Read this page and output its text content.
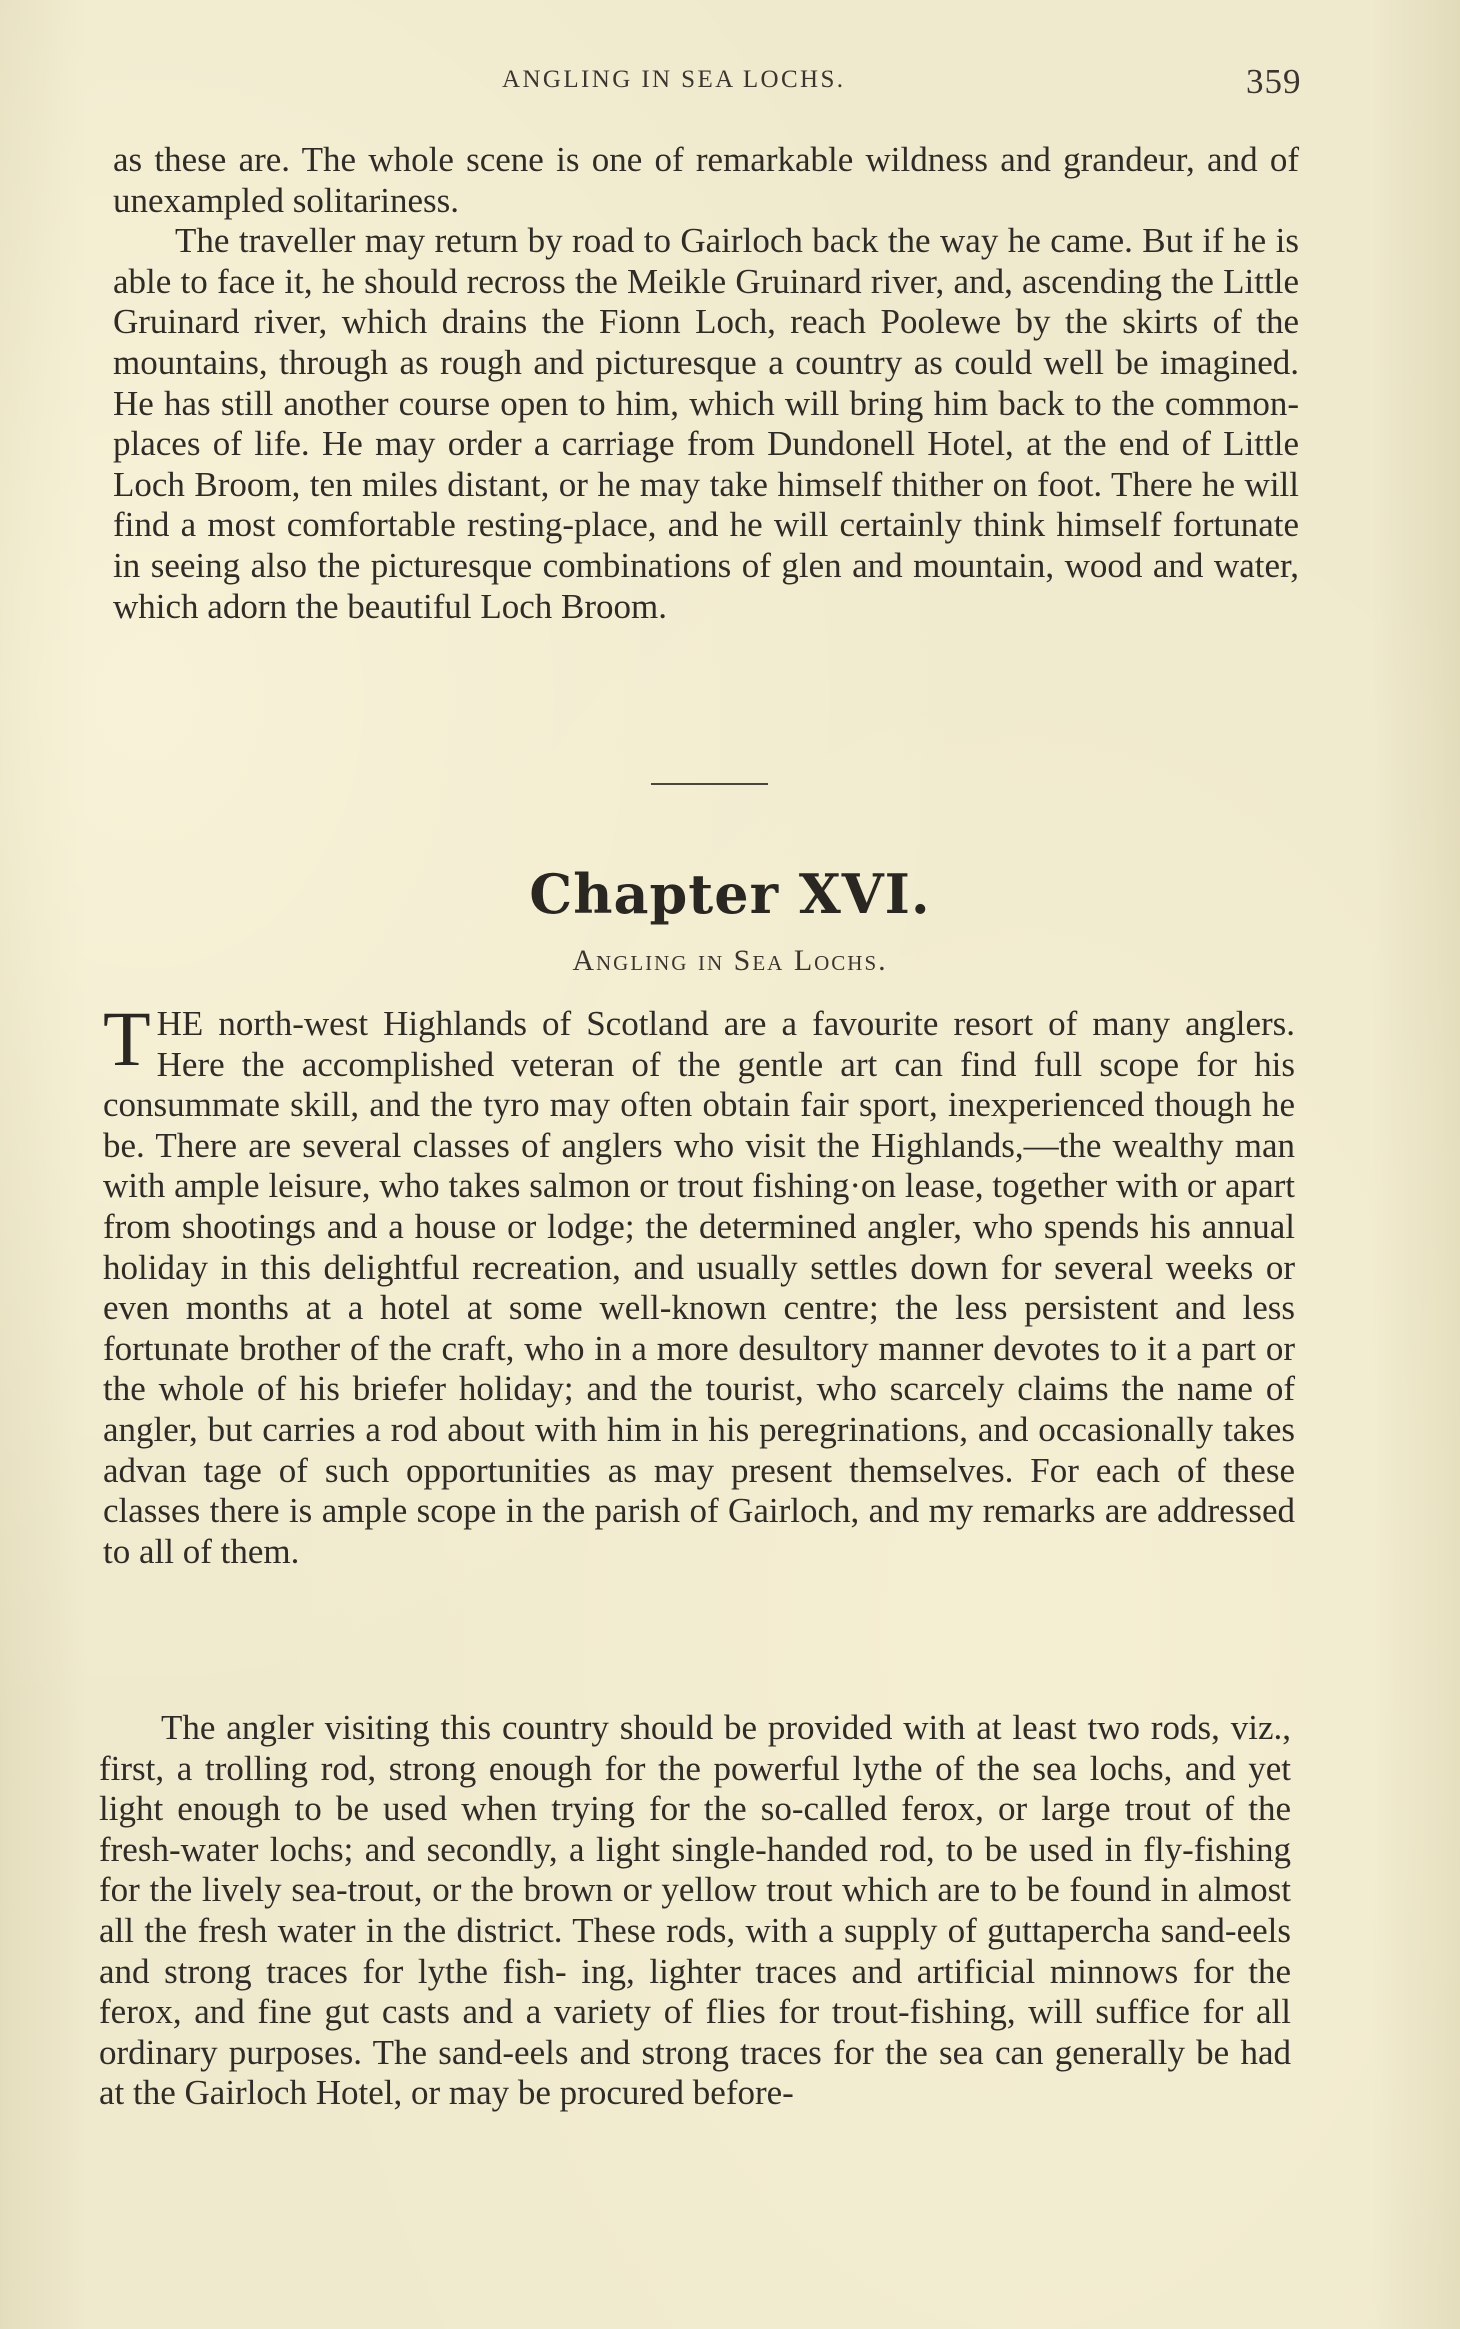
ANGLING IN SEA LOCHS.	359

as these are. The whole scene is one of remarkable wildness and grandeur, and of unexampled solitariness.

The traveller may return by road to Gairloch back the way he came. But if he is able to face it, he should recross the Meikle Gruinard river, and, ascending the Little Gruinard river, which drains the Fionn Loch, reach Poolewe by the skirts of the mountains, through as rough and picturesque a country as could well be imagined. He has still another course open to him, which will bring him back to the common-places of life. He may order a carriage from Dundonell Hotel, at the end of Little Loch Broom, ten miles distant, or he may take himself thither on foot. There he will find a most comfortable resting-place, and he will certainly think himself fortunate in seeing also the picturesque combinations of glen and mountain, wood and water, which adorn the beautiful Loch Broom.

Chapter XVI.
Angling in Sea Lochs.

THE north-west Highlands of Scotland are a favourite resort of many anglers. Here the accomplished veteran of the gentle art can find full scope for his consummate skill, and the tyro may often obtain fair sport, inexperienced though he be. There are several classes of anglers who visit the Highlands,—the wealthy man with ample leisure, who takes salmon or trout fishing·on lease, together with or apart from shootings and a house or lodge; the determined angler, who spends his annual holiday in this delightful recreation, and usually settles down for several weeks or even months at a hotel at some well-known centre; the less persistent and less fortunate brother of the craft, who in a more desultory manner devotes to it a part or the whole of his briefer holiday; and the tourist, who scarcely claims the name of angler, but carries a rod about with him in his peregrinations, and occasionally takes advan tage of such opportunities as may present themselves. For each of these classes there is ample scope in the parish of Gairloch, and my remarks are addressed to all of them.

The angler visiting this country should be provided with at least two rods, viz., first, a trolling rod, strong enough for the powerful lythe of the sea lochs, and yet light enough to be used when trying for the so-called ferox, or large trout of the fresh-water lochs; and secondly, a light single-handed rod, to be used in fly-fishing for the lively sea-trout, or the brown or yellow trout which are to be found in almost all the fresh water in the district. These rods, with a supply of guttapercha sand-eels and strong traces for lythe fish- ing, lighter traces and artificial minnows for the ferox, and fine gut casts and a variety of flies for trout-fishing, will suffice for all ordinary purposes. The sand-eels and strong traces for the sea can generally be had at the Gairloch Hotel, or may be procured before-
